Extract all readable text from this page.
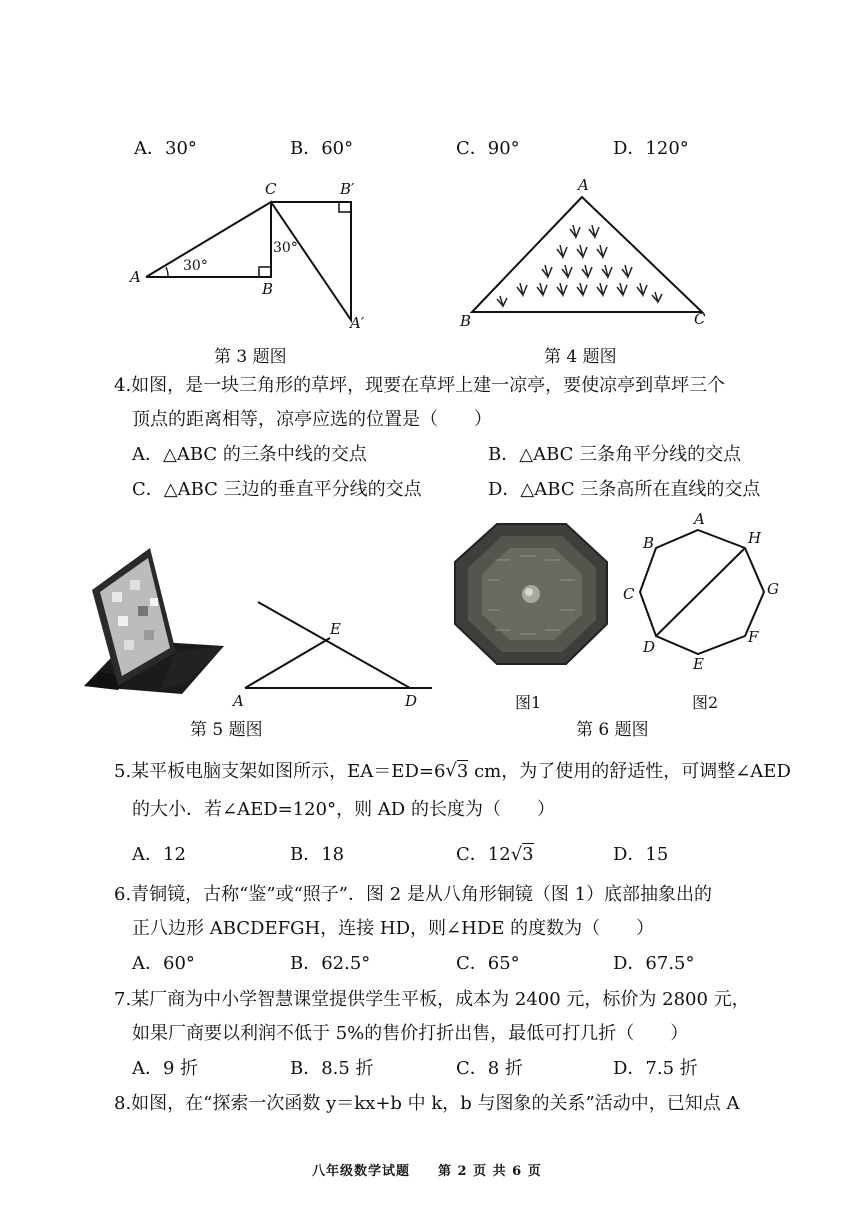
A．30°	B．60°	C．90°	D．120°
A
B
C	B′
A′
30°
30°
第 3 题图
A
B	C
第 4 题图
4.如图，是一块三角形的草坪，现要在草坪上建一凉亭，要使凉亭到草坪三个
顶点的距离相等，凉亭应选的位置是（　　）
A．△ABC 的三条中线的交点	B．△ABC 三条角平分线的交点
C．△ABC 三边的垂直平分线的交点	D．△ABC 三条高所在直线的交点
A	D
E
第 5 题图
A
B
C
D
E
F
G
H
图1	图2
第 6 题图
5.某平板电脑支架如图所示，EA＝ED=6√3 cm，为了使用的舒适性，可调整∠AED
的大小．若∠AED=120°，则 AD 的长度为（　　）
A．12	B．18	C．12√3	D．15
6.青铜镜，古称“鉴”或“照子”．图 2 是从八角形铜镜（图 1）底部抽象出的
正八边形 ABCDEFGH，连接 HD，则∠HDE 的度数为（　　）
A．60°	B．62.5°	C．65°	D．67.5°
7.某厂商为中小学智慧课堂提供学生平板，成本为 2400 元，标价为 2800 元，
如果厂商要以利润不低于 5%的售价打折出售，最低可打几折（　　）
A．9 折	B．8.5 折	C．8 折	D．7.5 折
8.如图，在“探索一次函数 y＝kx+b 中 k，b 与图象的关系”活动中，已知点 A
八年级数学试题　　第 2 页 共 6 页
